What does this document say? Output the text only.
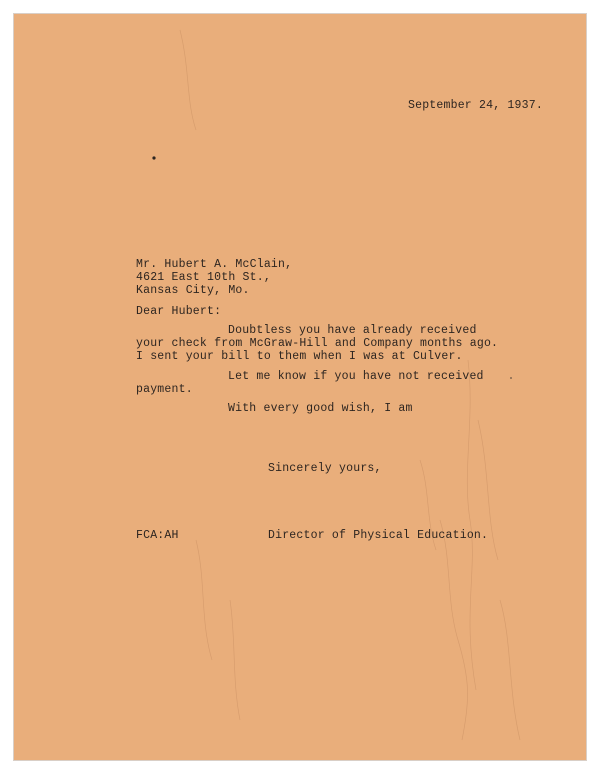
September 24, 1937.

Mr. Hubert A. McClain,

4621 East 10th St.,

Kansas City, Mo.

Dear Hubert:

Doubtless you have already received

your check from McGraw-Hill and Company months ago.

I sent your bill to them when I was at Culver.

Let me know if you have not received

payment.

With every good wish, I am

Sincerely yours,

FCA:AH	Director of Physical Education.
